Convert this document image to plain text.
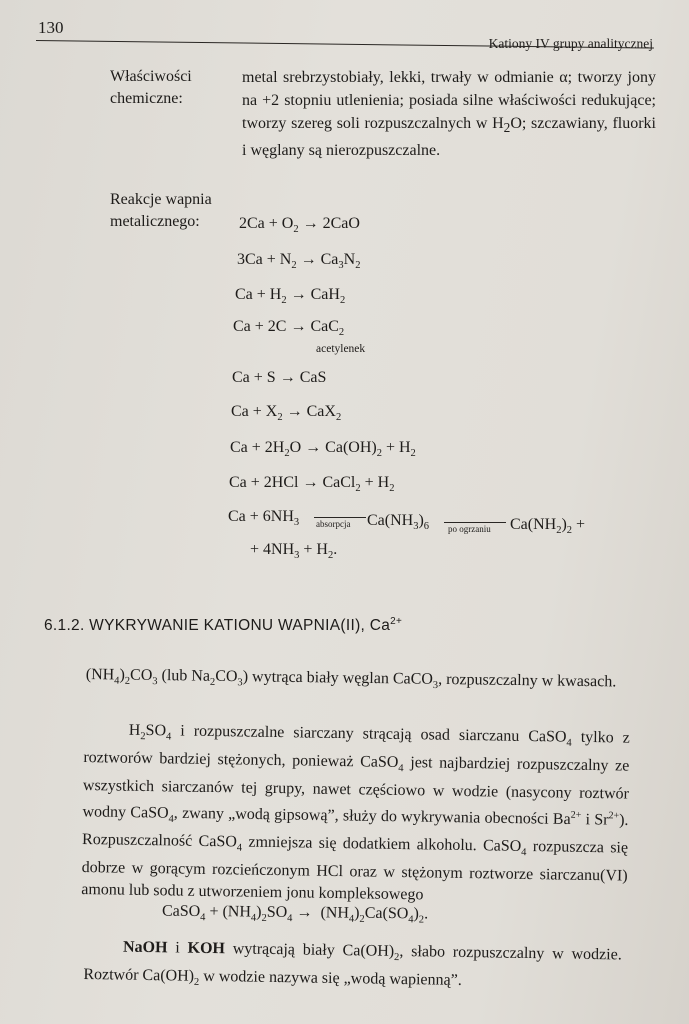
130
Kationy IV grupy analitycznej
Właściwości chemiczne:
metal srebrzystobiały, lekki, trwały w odmianie α; tworzy jony na +2 stopniu utlenienia; posiada silne właściwości redukujące; tworzy szereg soli rozpuszczalnych w $H_2O$; szczawiany, fluorki i węglany są nierozpuszczalne.
Reakcje wapnia metalicznego:	$2Ca + O_2 \to 2CaO$
$3Ca + N_2 \to Ca_3N_2$
$Ca + H_2 \to CaH_2$
Ca + 2C → CaC$_2$
acetylenek
Ca + S → CaS
$Ca + X_2 \to CaX_2$
$Ca + 2H_2O \to Ca(OH)_2 + H_2$
Ca + 2HCl → CaCl$_2$ + $H_2$
$Ca + 6NH_3$ absorpcja $Ca(NH_3)_6$ po ogrzaniu $Ca(NH_2)_2$ +
+ $4NH_3 + H_2$.
6.1.2. WYKRYWANIE KATIONU WAPNIA(II), $Ca^{2+}$
$(NH_4)_2CO_3$ (lub $Na_2CO_3$) wytrąca biały węglan CaCO$_3$, rozpuszczalny w kwasach.
$H_2SO_4$ i rozpuszczalne siarczany strącają osad siarczanu CaSO$_4$ tylko z roztworów bardziej stężonych, ponieważ CaSO$_4$ jest najbardziej rozpuszczalny ze wszystkich siarczanów tej grupy, nawet częściowo w wodzie (nasycony roztwór wodny CaSO$_4$, zwany „wodą gipsową”, służy do wykrywania obecności $Ba^{2+}$ i $Sr^{2+}$). Rozpuszczalność CaSO$_4$ zmniejsza się dodatkiem alkoholu. CaSO$_4$ rozpuszcza się dobrze w gorącym rozcieńczonym HCl oraz w stężonym roztworze siarczanu(VI) amonu lub sodu z utworzeniem jonu kompleksowego
CaSO$_4$ + $(NH_4)_2SO_4 \to (NH_4)_2Ca(SO_4)_2$.
NaOH i KOH wytrącają biały $Ca(OH)_2$, słabo rozpuszczalny w wodzie. Roztwór $Ca(OH)_2$ w wodzie nazywa się „wodą wapienną”.
